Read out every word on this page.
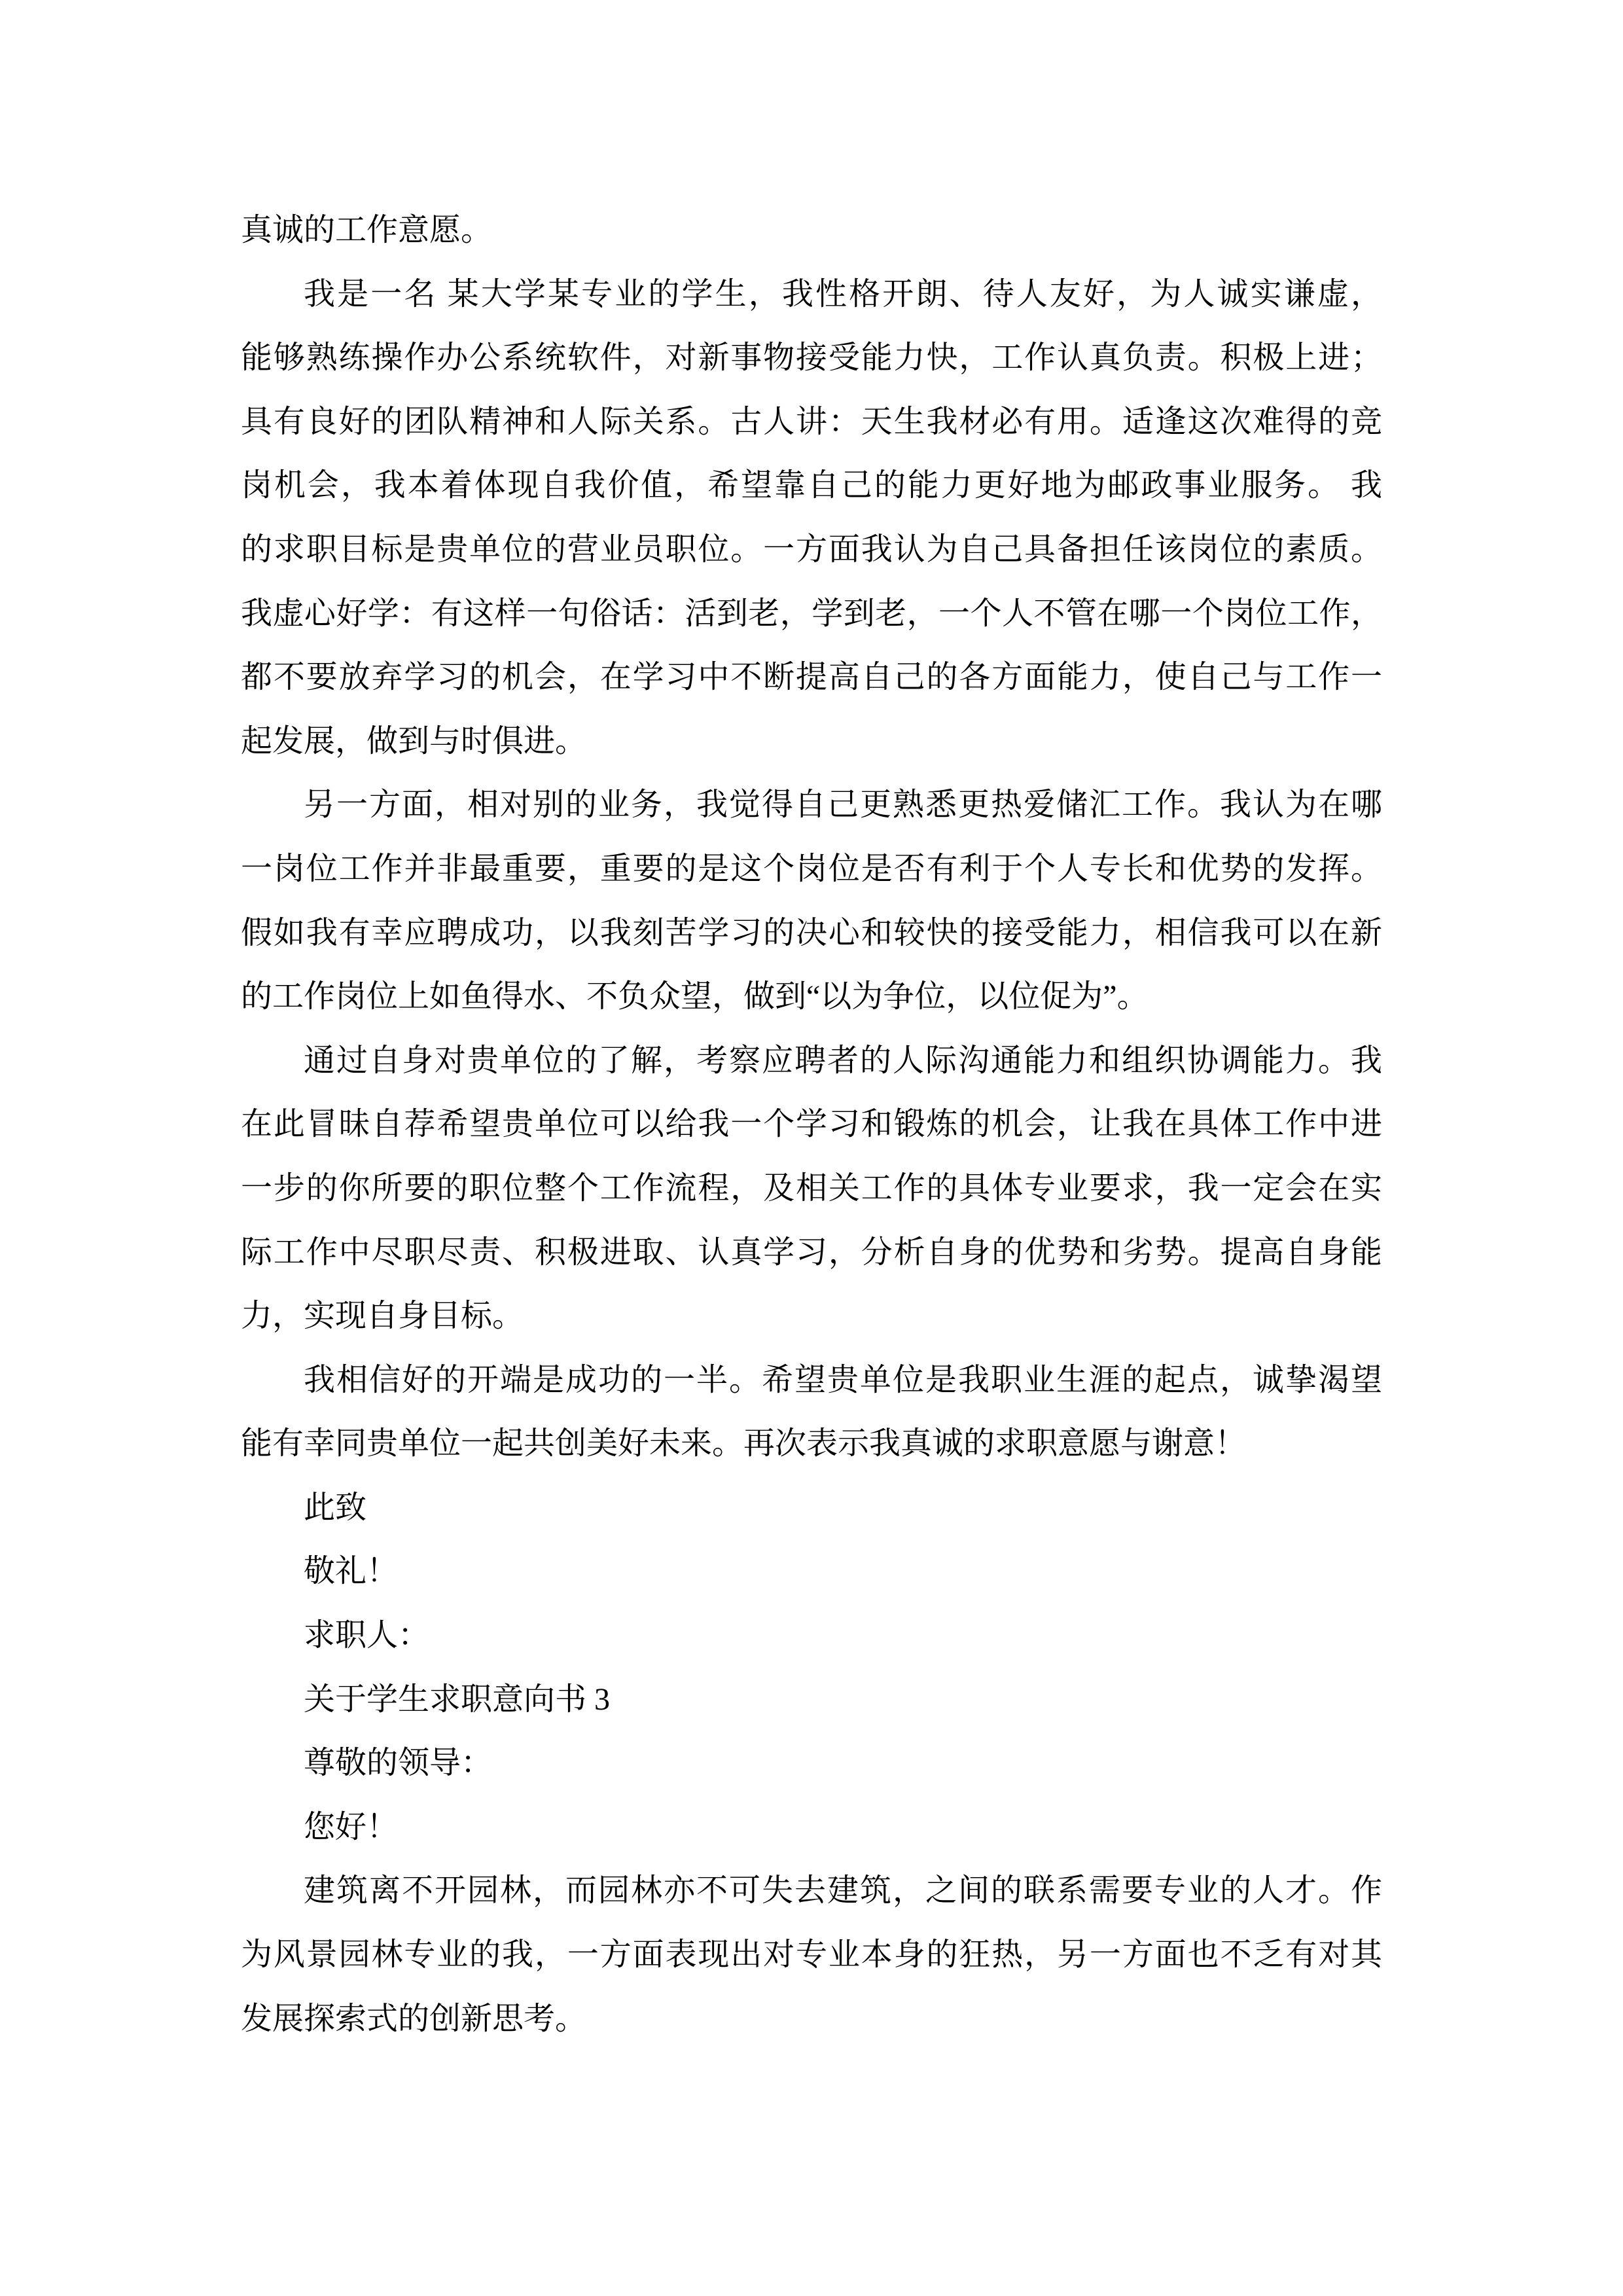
真诚的工作意愿。
我是一名 某大学某专业的学生，我性格开朗、待人友好，为人诚实谦虚，
能够熟练操作办公系统软件，对新事物接受能力快，工作认真负责。积极上进；
具有良好的团队精神和人际关系。古人讲：天生我材必有用。适逢这次难得的竞
岗机会，我本着体现自我价值，希望靠自己的能力更好地为邮政事业服务。 我
的求职目标是贵单位的营业员职位。一方面我认为自己具备担任该岗位的素质。
我虚心好学：有这样一句俗话：活到老，学到老，一个人不管在哪一个岗位工作，
都不要放弃学习的机会，在学习中不断提高自己的各方面能力，使自己与工作一
起发展，做到与时俱进。
另一方面，相对别的业务，我觉得自己更熟悉更热爱储汇工作。我认为在哪
一岗位工作并非最重要，重要的是这个岗位是否有利于个人专长和优势的发挥。
假如我有幸应聘成功，以我刻苦学习的决心和较快的接受能力，相信我可以在新
的工作岗位上如鱼得水、不负众望，做到“以为争位，以位促为”。
通过自身对贵单位的了解，考察应聘者的人际沟通能力和组织协调能力。我
在此冒昧自荐希望贵单位可以给我一个学习和锻炼的机会，让我在具体工作中进
一步的你所要的职位整个工作流程，及相关工作的具体专业要求，我一定会在实
际工作中尽职尽责、积极进取、认真学习，分析自身的优势和劣势。提高自身能
力，实现自身目标。
我相信好的开端是成功的一半。希望贵单位是我职业生涯的起点，诚挚渴望
能有幸同贵单位一起共创美好未来。再次表示我真诚的求职意愿与谢意！
此致
敬礼！
求职人：
关于学生求职意向书 3
尊敬的领导：
您好！
建筑离不开园林，而园林亦不可失去建筑，之间的联系需要专业的人才。作
为风景园林专业的我，一方面表现出对专业本身的狂热，另一方面也不乏有对其
发展探索式的创新思考。
